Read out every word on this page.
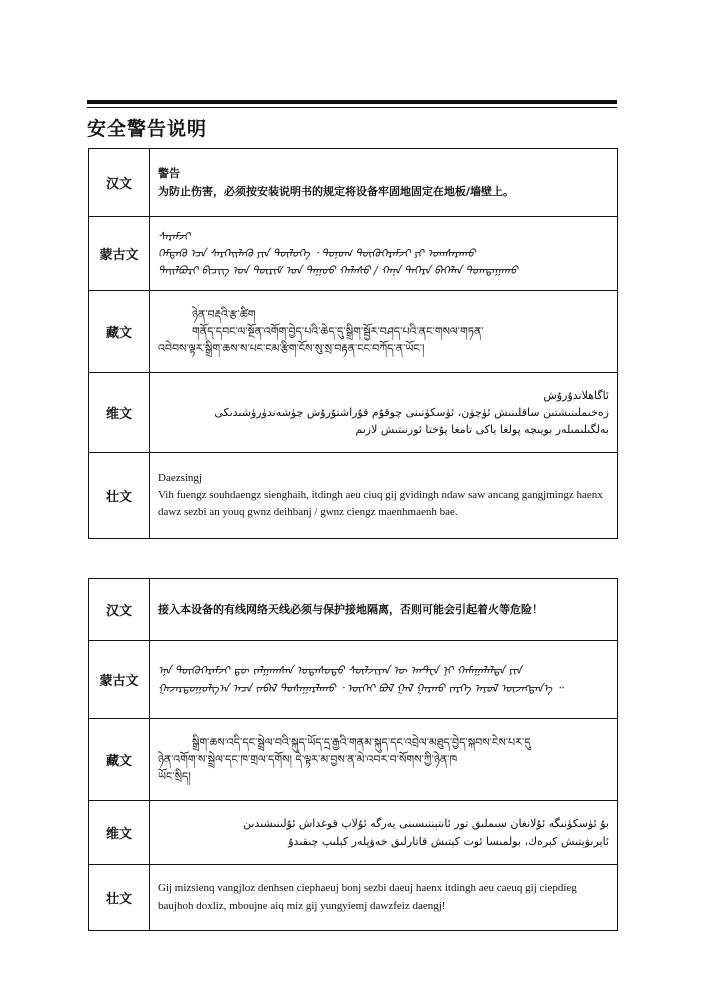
安全警告说明
汉文	警告
为防止伤害，必须按安装说明书的规定将设备牢固地固定在地板/墙壁上。

蒙古文	ᠰᠡᠷᠡᠮᠵᠢ
ᠭᠡᠮᠲᠡᠬᠦ ᠡᠴᠡ ᠰᠡᠷᠭᠡᠢᠯᠡᠬᠦ ᠶᠢᠨ ᠲᠥᠯᠥᠭᠡ ᠂ ᠲᠣᠨᠣᠭ ᠲᠥᠬᠥᠭᠡᠷᠡᠮᠵᠢ ᠶᠢ ᠤᠭᠰᠠᠷᠠᠬᠤ
ᠲᠠᠢᠯᠪᠤᠷᠢ ᠪᠢᠴᠢᠭ ᠤᠨ ᠳᠦᠷᠢᠮ ᠤᠨ ᠳᠠᠭᠤᠤ ᠬᠠᠯᠠᠰᠤ / ᠬᠠᠨᠠ ᠳᠡᠭᠡᠷᠡ ᠪᠡᠬᠡᠯᠡᠨ ᠲᠣᠭᠲᠠᠭᠠᠬᠤ

藏文	ཉེན་བརྡའི་རྩ་ཚིག
གནོད་དབང་ལ་སྔོན་འགོག་བྱེད་པའི་ཆེད་དུ་སྒྲིག་སྦྱོར་བཤད་པའི་ནང་གསལ་གཏན་
འབེབས་ལྟར་སྒྲིག་ཆས་ས་པང་ངམ་རྩིག་ངོས་སུ་སྲ་བརྟན་ངང་བཀོད་ན་ཡོང་།

维文	ئاگاھلاندۇرۇش
زەخىملىنىشتىن ساقلىنىش ئۈچۈن، ئۈسكۈنىنى چوقۇم قۇراشتۇرۇش چۈشەندۈرۈشىدىكى
بەلگىلىمىلەر بويىچە پولغا ياكى تامغا پۇختا ئورنىتىش لازىم

壮文	Daezsingj
Vih fuengz souhdaengz sienghaih, itdingh aeu ciuq gij gvidingh ndaw saw ancang gangjmingz haenx dawz sezbi an youq gwnz deihbanj / gwnz ciengz maenhmaenh bae.
汉文	接入本设备的有线网络天线必须与保护接地隔离，否则可能会引起着火等危险！
蒙古文	ᠡᠨᠡ ᠲᠥᠬᠥᠭᠡᠷᠡᠮᠵᠢ ᠳᠦ ᠵᠠᠯᠭᠠᠭᠰᠠᠨ ᠤᠲᠠᠰᠤᠲᠤ ᠰᠦᠯᠵᠢᠶᠡᠨ ᠦ ᠠᠨᠲ᠋ᠧᠨ ᠨᠢ ᠬᠠᠮᠠᠭᠠᠯᠠᠯᠲᠠ ᠶᠢᠨ
ᠭᠠᠵᠠᠷᠳᠤᠭᠤᠯᠭ᠎ᠠ ᠠᠴᠠ ᠵᠠᠪᠠᠯ ᠲᠤᠰᠠᠭᠠᠷᠯᠠᠬᠤ ᠂ ᠦᠭᠡᠢ ᠪᠣᠯ ᠭᠠᠯ ᠭᠠᠷᠬᠤ ᠵᠡᠷᠭᠡ ᠠᠶᠤᠯ ᠦᠵᠡᠭᠳᠡᠨ᠎ᠡ ᠃

藏文	སྒྲིག་ཆས་འདི་དང་སྦྲེལ་བའི་སྐུད་ཡོད་དྲ་རྒྱའི་གནམ་སྐུད་དང་འབྲེལ་མཐུད་བྱེད་སྐབས་ངེས་པར་དུ
ཉེན་འགོག་ས་སྦྲེལ་དང་ཁ་གྲལ་དགོས། དེ་ལྟར་མ་བྱས་ན་མེ་འབར་བ་སོགས་ཀྱི་ཉེན་ཁ
ཡོང་སྲིད།

维文	بۇ ئۈسكۈنىگە ئۇلانغان سىملىق تور ئانتېننىسىنى يەرگە ئۇلاپ قوغداش ئۇلىنىشىدىن
ئايرىۋېتىش كېرەك، بولمىسا ئوت كېتىش قاتارلىق خەۋپلەر كېلىپ چىقىدۇ

壮文	Gij mizsienq vangjloz denhsen ciephaeuj bonj sezbi daeuj haenx itdingh aeu caeuq gij ciepdieg baujhoh doxliz, mboujne aiq miz gij yungyiemj dawzfeiz daengj!
